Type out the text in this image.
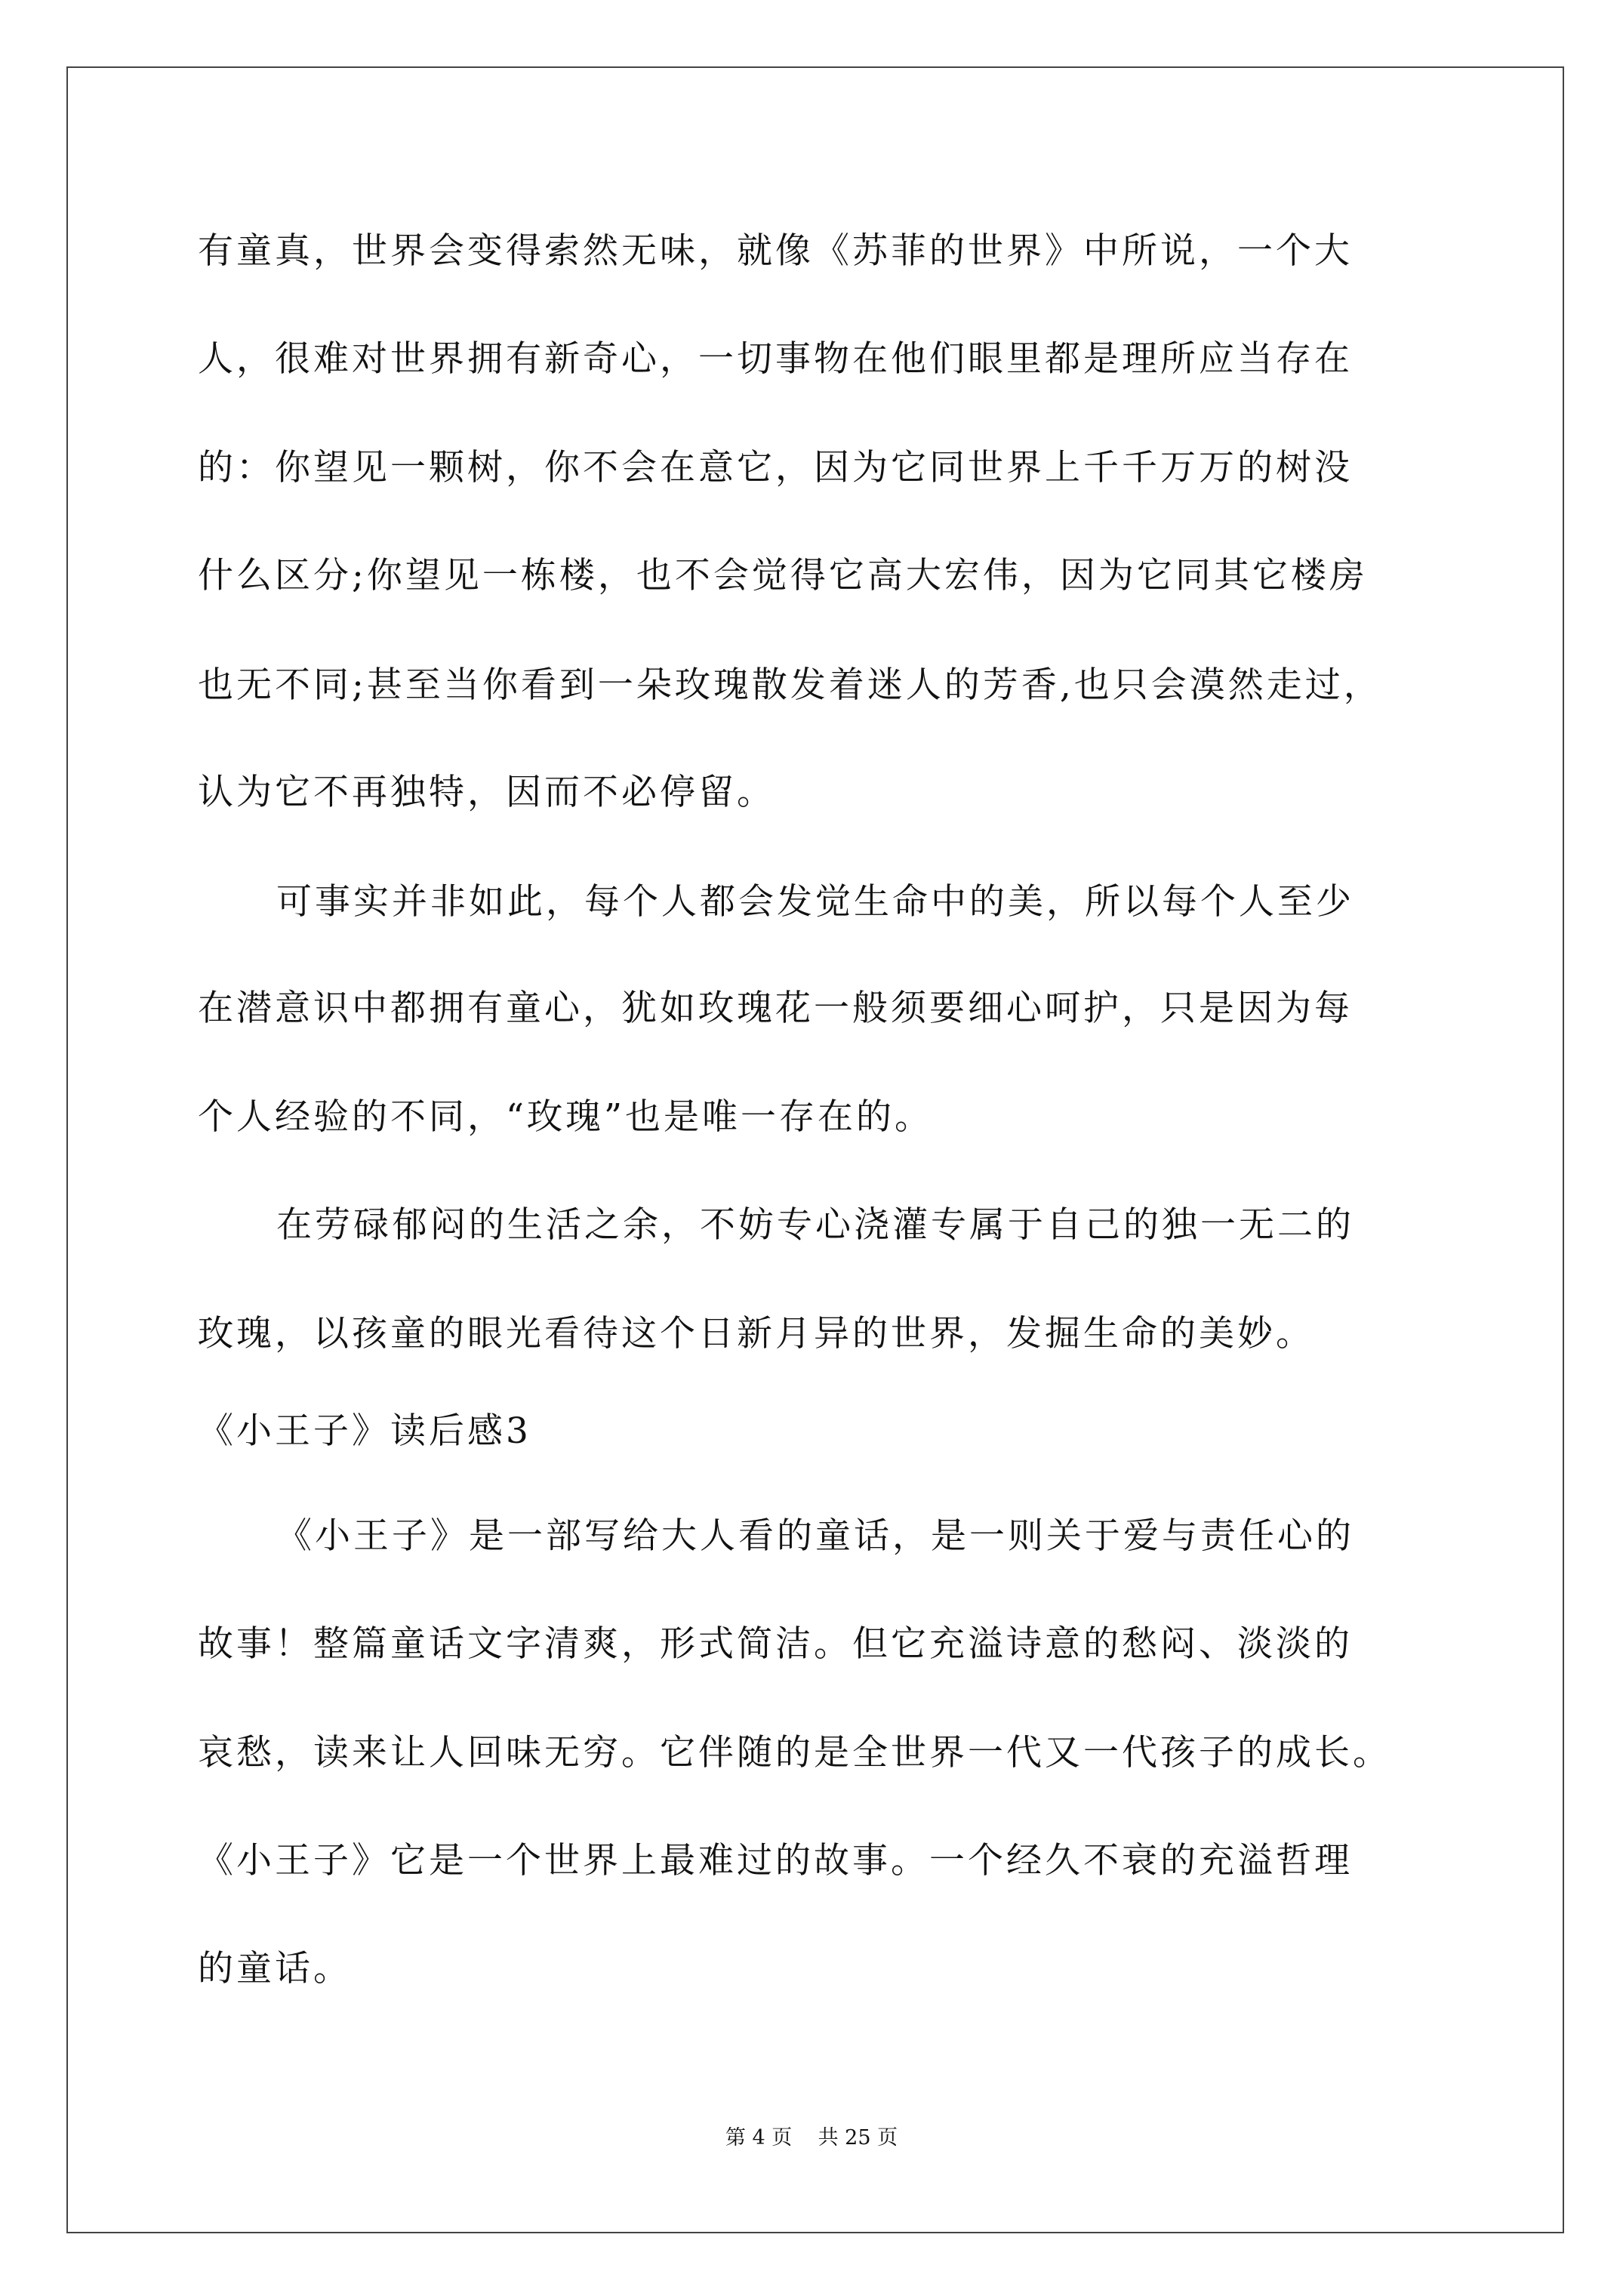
有童真，世界会变得索然无味，就像《苏菲的世界》中所说，一个大
人，很难对世界拥有新奇心，一切事物在他们眼里都是理所应当存在
的：你望见一颗树，你不会在意它，因为它同世界上千千万万的树没
什么区分;你望见一栋楼，也不会觉得它高大宏伟，因为它同其它楼房
也无不同;甚至当你看到一朵玫瑰散发着迷人的芳香,也只会漠然走过，
认为它不再独特，因而不必停留。
可事实并非如此，每个人都会发觉生命中的美，所以每个人至少
在潜意识中都拥有童心，犹如玫瑰花一般须要细心呵护，只是因为每
个人经验的不同，“玫瑰”也是唯一存在的。
在劳碌郁闷的生活之余，不妨专心浇灌专属于自己的独一无二的
玫瑰，以孩童的眼光看待这个日新月异的世界，发掘生命的美妙。
《小王子》读后感3
《小王子》是一部写给大人看的童话，是一则关于爱与责任心的
故事！整篇童话文字清爽，形式简洁。但它充溢诗意的愁闷、淡淡的
哀愁，读来让人回味无穷。它伴随的是全世界一代又一代孩子的成长。
《小王子》它是一个世界上最难过的故事。一个经久不衰的充溢哲理
的童话。
第 4 页    共 25 页
